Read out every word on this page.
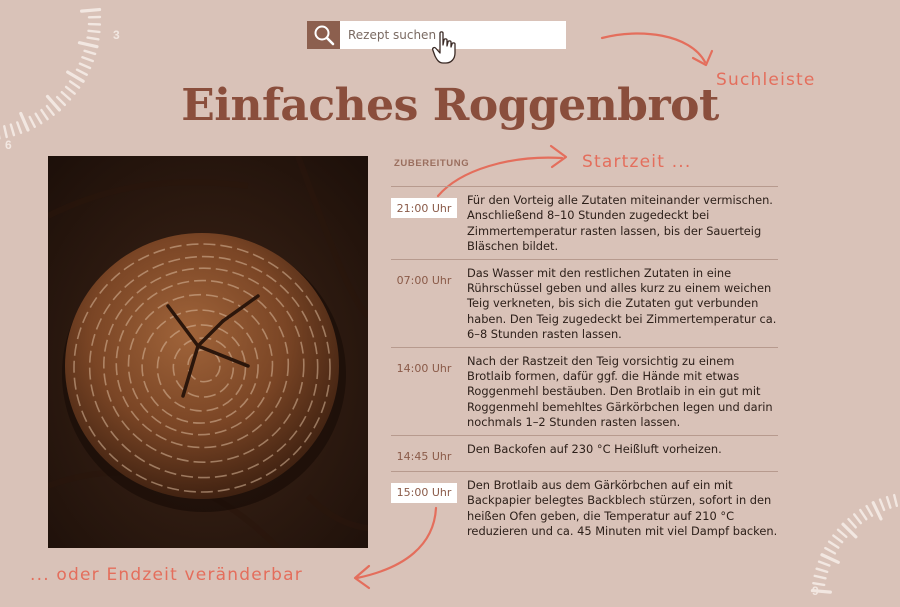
3
6
9
Rezept suchen
Suchleiste
Startzeit ...
... oder Endzeit veränderbar
Einfaches Roggenbrot
ZUBEREITUNG
21:00 Uhr
Für den Vorteig alle Zutaten miteinander vermischen. Anschließend 8–10 Stunden zugedeckt bei Zimmertemperatur rasten lassen, bis der Sauerteig Bläschen bildet.
07:00 Uhr
Das Wasser mit den restlichen Zutaten in eine Rührschüssel geben und alles kurz zu einem weichen Teig verkneten, bis sich die Zutaten gut verbunden haben. Den Teig zugedeckt bei Zimmertemperatur ca. 6–8 Stunden rasten lassen.
14:00 Uhr
Nach der Rastzeit den Teig vorsichtig zu einem Brotlaib formen, dafür ggf. die Hände mit etwas Roggenmehl bestäuben. Den Brotlaib in ein gut mit Roggenmehl bemehltes Gärkörbchen legen und darin nochmals 1–2 Stunden rasten lassen.
14:45 Uhr
Den Backofen auf 230 °C Heißluft vorheizen.
15:00 Uhr
Den Brotlaib aus dem Gärkörbchen auf ein mit Backpapier belegtes Backblech stürzen, sofort in den heißen Ofen geben, die Temperatur auf 210 °C reduzieren und ca. 45 Minuten mit viel Dampf backen.
